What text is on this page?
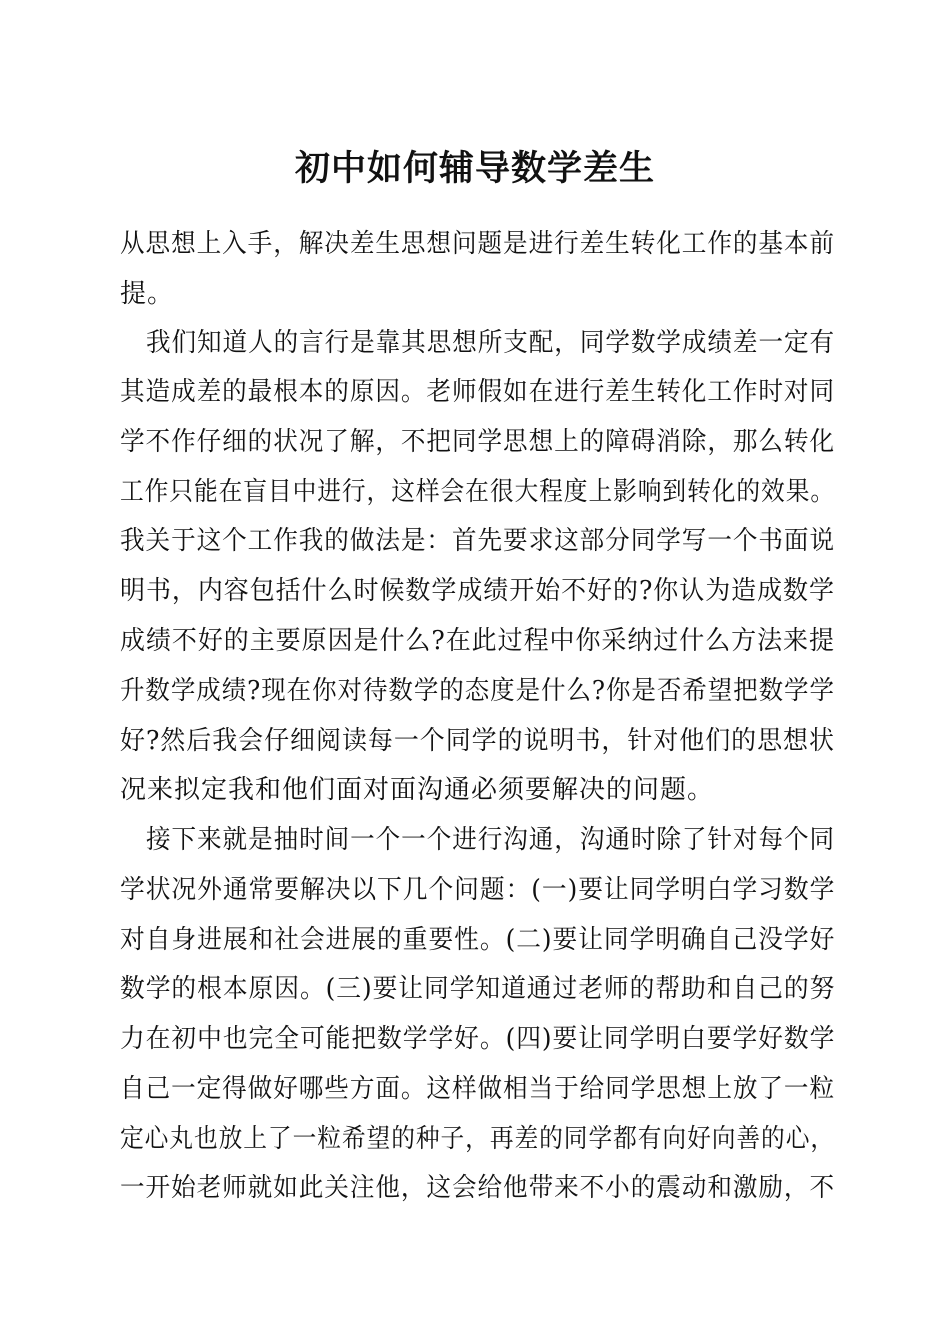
初中如何辅导数学差生
从思想上入手，解决差生思想问题是进行差生转化工作的基本前
提。
我们知道人的言行是靠其思想所支配，同学数学成绩差一定有
其造成差的最根本的原因。老师假如在进行差生转化工作时对同
学不作仔细的状况了解，不把同学思想上的障碍消除，那么转化
工作只能在盲目中进行，这样会在很大程度上影响到转化的效果。
我关于这个工作我的做法是：首先要求这部分同学写一个书面说
明书，内容包括什么时候数学成绩开始不好的?你认为造成数学
成绩不好的主要原因是什么?在此过程中你采纳过什么方法来提
升数学成绩?现在你对待数学的态度是什么?你是否希望把数学学
好?然后我会仔细阅读每一个同学的说明书，针对他们的思想状
况来拟定我和他们面对面沟通必须要解决的问题。
接下来就是抽时间一个一个进行沟通，沟通时除了针对每个同
学状况外通常要解决以下几个问题：(一)要让同学明白学习数学
对自身进展和社会进展的重要性。(二)要让同学明确自己没学好
数学的根本原因。(三)要让同学知道通过老师的帮助和自己的努
力在初中也完全可能把数学学好。(四)要让同学明白要学好数学
自己一定得做好哪些方面。这样做相当于给同学思想上放了一粒
定心丸也放上了一粒希望的种子，再差的同学都有向好向善的心，
一开始老师就如此关注他，这会给他带来不小的震动和激励，不
